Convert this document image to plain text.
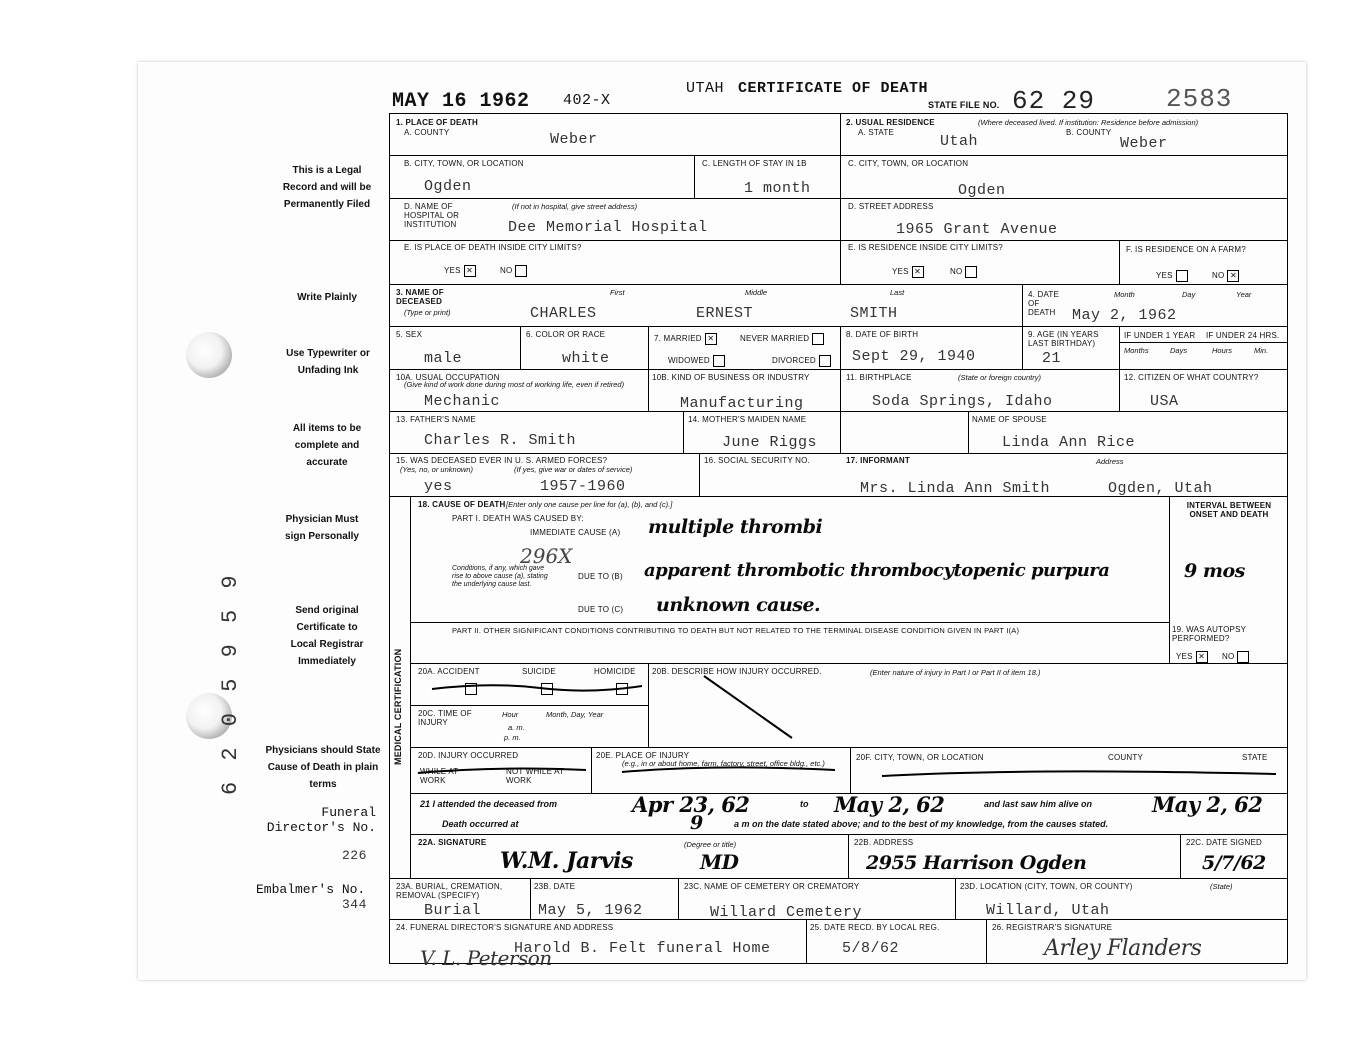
MAY 16 1962 402-X
UTAH CERTIFICATE OF DEATH
STATE FILE NO. 62 29	2583
This is a Legal Record and will be Permanently Filed
Write Plainly
Use Typewriter or Unfading Ink
All items to be complete and accurate
Physician Must sign Personally
Send original Certificate to Local Registrar Immediately
Physicians should State Cause of Death in plain terms
Funeral Director's No.
226
Embalmer's No.
344
6 2 0 5 9 5 9
1. PLACE OF DEATH
A. COUNTY	Weber
2. USUAL RESIDENCE	(Where deceased lived. If institution: Residence before admission)
A. STATE
Utah
B. COUNTY
Weber
B. CITY, TOWN, OR LOCATION
Ogden
C. LENGTH OF STAY IN 1B
1 month
C. CITY, TOWN, OR LOCATION
Ogden
D. NAME OF HOSPITAL OR INSTITUTION
(If not in hospital, give street address)
Dee Memorial Hospital
D. STREET ADDRESS
1965 Grant Avenue
E. IS PLACE OF DEATH INSIDE CITY LIMITS?
YES ✕	NO
E. IS RESIDENCE INSIDE CITY LIMITS?
YES ✕	NO
F. IS RESIDENCE ON A FARM?
YES	NO ✕
3. NAME OF DECEASED
(Type or print)
First	Middle	Last
CHARLES	ERNEST	SMITH
4. DATE OF DEATH
Month	Day	Year
May 2, 1962
5. SEX
male
6. COLOR OR RACE
white
7. MARRIED ✕	NEVER MARRIED
WIDOWED	DIVORCED
8. DATE OF BIRTH
Sept 29, 1940
9. AGE (IN YEARS LAST BIRTHDAY)
21
IF UNDER 1 YEAR IF UNDER 24 HRS.
Months	Days	Hours	Min.
10A. USUAL OCCUPATION
(Give kind of work done during most of working life, even if retired)
Mechanic
10B. KIND OF BUSINESS OR INDUSTRY
Manufacturing
11. BIRTHPLACE	(State or foreign country)
Soda Springs, Idaho
12. CITIZEN OF WHAT COUNTRY?
USA
13. FATHER'S NAME
Charles R. Smith
14. MOTHER'S MAIDEN NAME
June Riggs
NAME OF SPOUSE
Linda Ann Rice
15. WAS DECEASED EVER IN U. S. ARMED FORCES?
(Yes, no, or unknown)	(If yes, give war or dates of service)
yes	1957-1960
16. SOCIAL SECURITY NO.	17. INFORMANT	Address
Mrs. Linda Ann Smith	Ogden, Utah
MEDICAL CERTIFICATION
18. CAUSE OF DEATH [Enter only one cause per line for (a), (b), and (c).]
PART I. DEATH WAS CAUSED BY:
IMMEDIATE CAUSE (A) multiple thrombi
296X
Conditions, if any, which gave rise to above cause (a), stating the underlying cause last.
DUE TO (B) apparent thrombotic thrombocytopenic purpura	9 mos
DUE TO (C) unknown cause.
INTERVAL BETWEEN ONSET AND DEATH
PART II. OTHER SIGNIFICANT CONDITIONS CONTRIBUTING TO DEATH BUT NOT RELATED TO THE TERMINAL DISEASE CONDITION GIVEN IN PART I(A)	19. WAS AUTOPSY PERFORMED?
YES ✕	NO
20A. ACCIDENT	SUICIDE	HOMICIDE 20B. DESCRIBE HOW INJURY OCCURRED.	(Enter nature of injury in Part I or Part II of item 18.)
20C. TIME OF INJURY
Hour	Month, Day, Year
a. m.
p. m.
20D. INJURY OCCURRED
WHILE AT WORK
NOT WHILE AT WORK
20E. PLACE OF INJURY
(e.g., in or about home, farm, factory, street, office bldg., etc.)
20F. CITY, TOWN, OR LOCATION	COUNTY	STATE
21 I attended the deceased from	Apr 23, 62	to May 2, 62	and last saw him alive on	May 2, 62
Death occurred at	9	a m on the date stated above; and to the best of my knowledge, from the causes stated.
22A. SIGNATURE	(Degree or title)
W.M. Jarvis	MD
22B. ADDRESS
2955 Harrison Ogden
22C. DATE SIGNED
5/7/62
23A. BURIAL, CREMATION, REMOVAL (SPECIFY)
Burial
23B. DATE
May 5, 1962
23C. NAME OF CEMETERY OR CREMATORY
Willard Cemetery
23D. LOCATION (CITY, TOWN, OR COUNTY)	(State)
Willard, Utah
24. FUNERAL DIRECTOR'S SIGNATURE AND ADDRESS
Harold B. Felt funeral Home
V. L. Peterson
25. DATE RECD. BY LOCAL REG.
5/8/62
26. REGISTRAR'S SIGNATURE
Arley Flanders
